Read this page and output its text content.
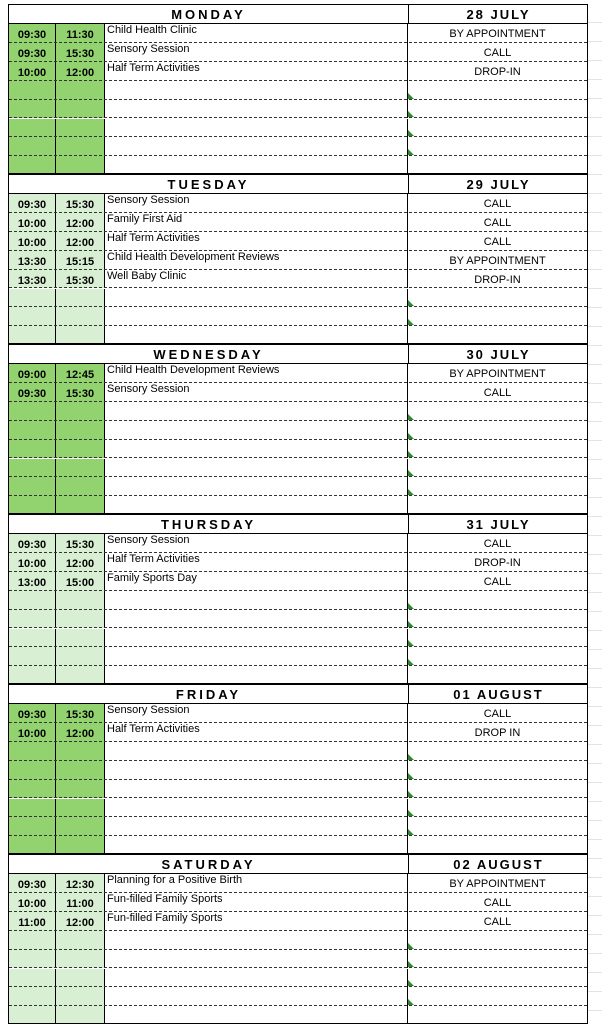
MONDAY	28 JULY
09:30	11:30	Child Health Clinic	BY APPOINTMENT
09:30	15:30	Sensory Session	CALL
10:00	12:00	Half Term Activities	DROP-IN
TUESDAY	29 JULY
09:30	15:30	Sensory Session	CALL
10:00	12:00	Family First Aid	CALL
10:00	12:00	Half Term Activities	CALL
13:30	15:15	Child Health Development Reviews	BY APPOINTMENT
13:30	15:30	Well Baby Clinic	DROP-IN
WEDNESDAY	30 JULY
09:00	12:45	Child Health Development Reviews	BY APPOINTMENT
09:30	15:30	Sensory Session	CALL
THURSDAY	31 JULY
09:30	15:30	Sensory Session	CALL
10:00	12:00	Half Term Activities	DROP-IN
13:00	15:00	Family Sports Day	CALL
FRIDAY	01 AUGUST
09:30	15:30	Sensory Session	CALL
10:00	12:00	Half Term Activities	DROP IN
SATURDAY	02 AUGUST
09:30	12:30	Planning for a Positive Birth	BY APPOINTMENT
10:00	11:00	Fun-filled Family Sports	CALL
11:00	12:00	Fun-filled Family Sports	CALL
